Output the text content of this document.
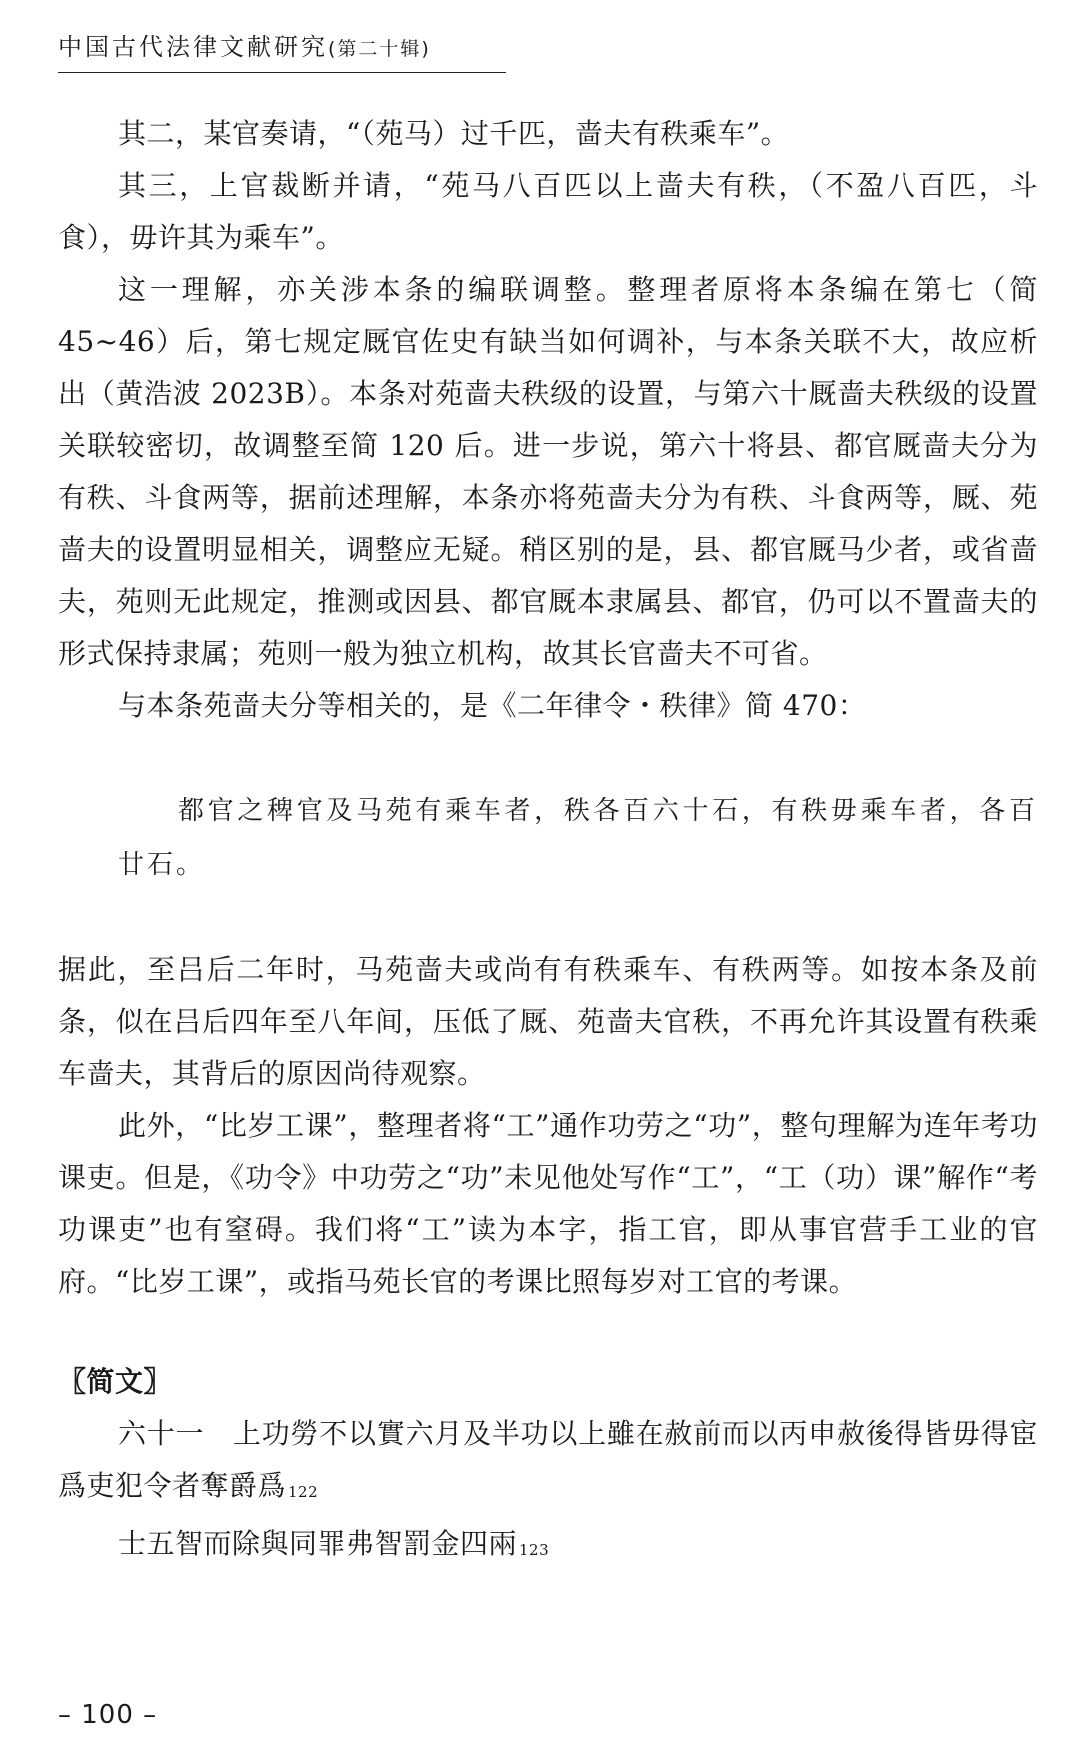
中国古代法律文献研究(第二十辑)

其二，某官奏请，“（苑马）过千匹，啬夫有秩乘车”。

其三，上官裁断并请，“苑马八百匹以上啬夫有秩，（不盈八百匹，斗食），毋许其为乘车”。

这一理解，亦关涉本条的编联调整。整理者原将本条编在第七（简45~46）后，第七规定厩官佐史有缺当如何调补，与本条关联不大，故应析出（黄浩波 2023B）。本条对苑啬夫秩级的设置，与第六十厩啬夫秩级的设置关联较密切，故调整至简 120 后。进一步说，第六十将县、都官厩啬夫分为有秩、斗食两等，据前述理解，本条亦将苑啬夫分为有秩、斗食两等，厩、苑啬夫的设置明显相关，调整应无疑。稍区别的是，县、都官厩马少者，或省啬夫，苑则无此规定，推测或因县、都官厩本隶属县、都官，仍可以不置啬夫的形式保持隶属；苑则一般为独立机构，故其长官啬夫不可省。

与本条苑啬夫分等相关的，是《二年律令・秩律》简 470：

都官之稗官及马苑有乘车者，秩各百六十石，有秩毋乘车者，各百廿石。

据此，至吕后二年时，马苑啬夫或尚有有秩乘车、有秩两等。如按本条及前条，似在吕后四年至八年间，压低了厩、苑啬夫官秩，不再允许其设置有秩乘车啬夫，其背后的原因尚待观察。

此外，“比岁工课”，整理者将“工”通作功劳之“功”，整句理解为连年考功课吏。但是，《功令》中功劳之“功”未见他处写作“工”，“工（功）课”解作“考功课吏”也有窒碍。我们将“工”读为本字，指工官，即从事官营手工业的官府。“比岁工课”，或指马苑长官的考课比照每岁对工官的考课。

〖简文〗

六十一　上功勞不以實六月及半功以上雖在赦前而以丙申赦後得皆毋得宦爲吏犯令者奪爵爲 $_{122}$

士五智而除與同罪弗智罰金四兩 $_{123}$

– 100 –
